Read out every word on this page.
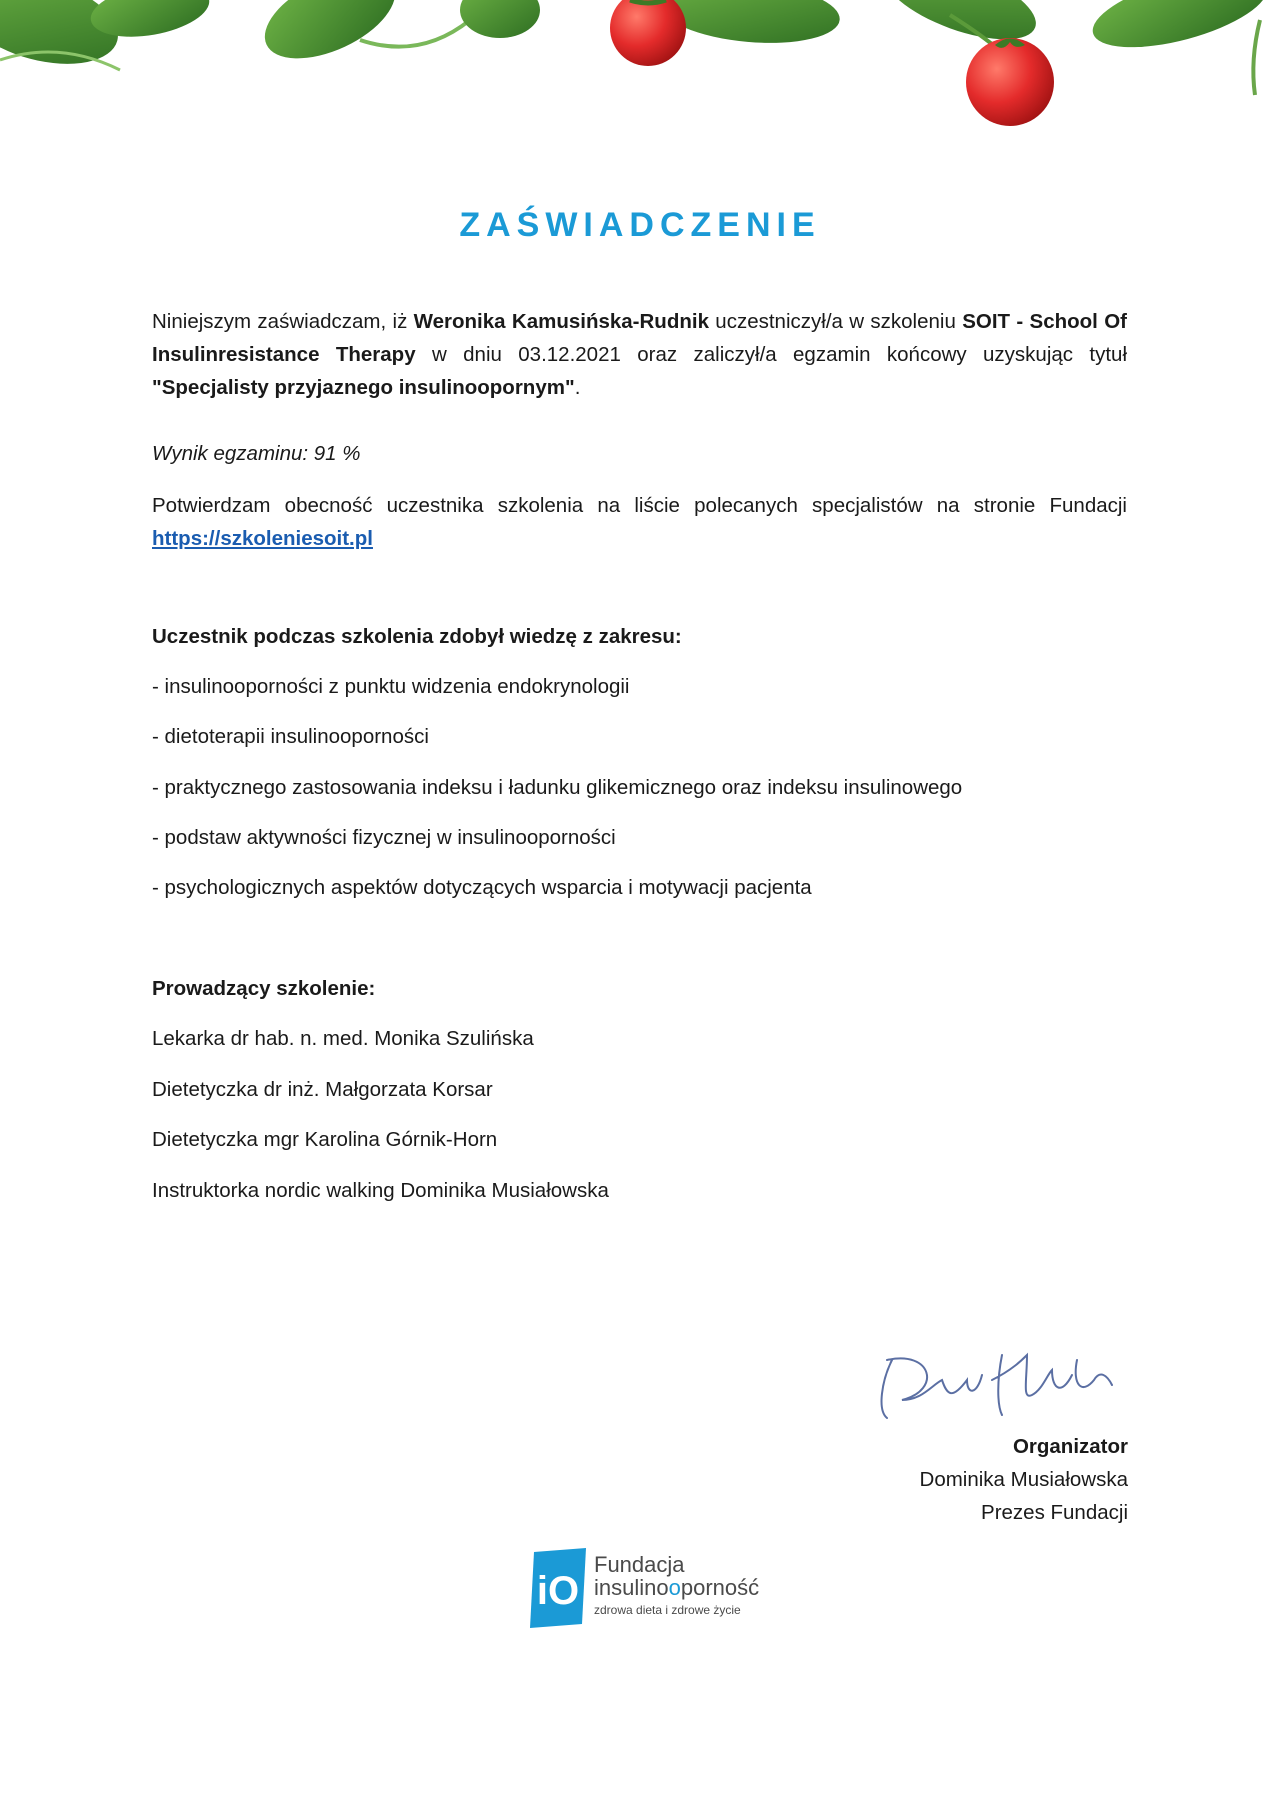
ZAŚWIADCZENIE

Niniejszym zaświadczam, iż Weronika Kamusińska-Rudnik uczestniczył/a w szkoleniu SOIT - School Of Insulinresistance Therapy w dniu 03.12.2021 oraz zaliczył/a egzamin końcowy uzyskując tytuł "Specjalisty przyjaznego insulinoopornym".

Wynik egzaminu: 91 %

Potwierdzam obecność uczestnika szkolenia na liście polecanych specjalistów na stronie Fundacji https://szkoleniesoit.pl

Uczestnik podczas szkolenia zdobył wiedzę z zakresu:
- insulinooporności z punktu widzenia endokrynologii
- dietoterapii insulinooporności
- praktycznego zastosowania indeksu i ładunku glikemicznego oraz indeksu insulinowego
- podstaw aktywności fizycznej w insulinooporności
- psychologicznych aspektów dotyczących wsparcia i motywacji pacjenta
Prowadzący szkolenie:
Lekarka dr hab. n. med. Monika Szulińska
Dietetyczka dr inż. Małgorzata Korsar
Dietetyczka mgr Karolina Górnik-Horn
Instruktorka nordic walking Dominika Musiałowska
Organizator
Dominika Musiałowska
Prezes Fundacji
iO
Fundacja
insulinooporność
zdrowa dieta i zdrowe życie
